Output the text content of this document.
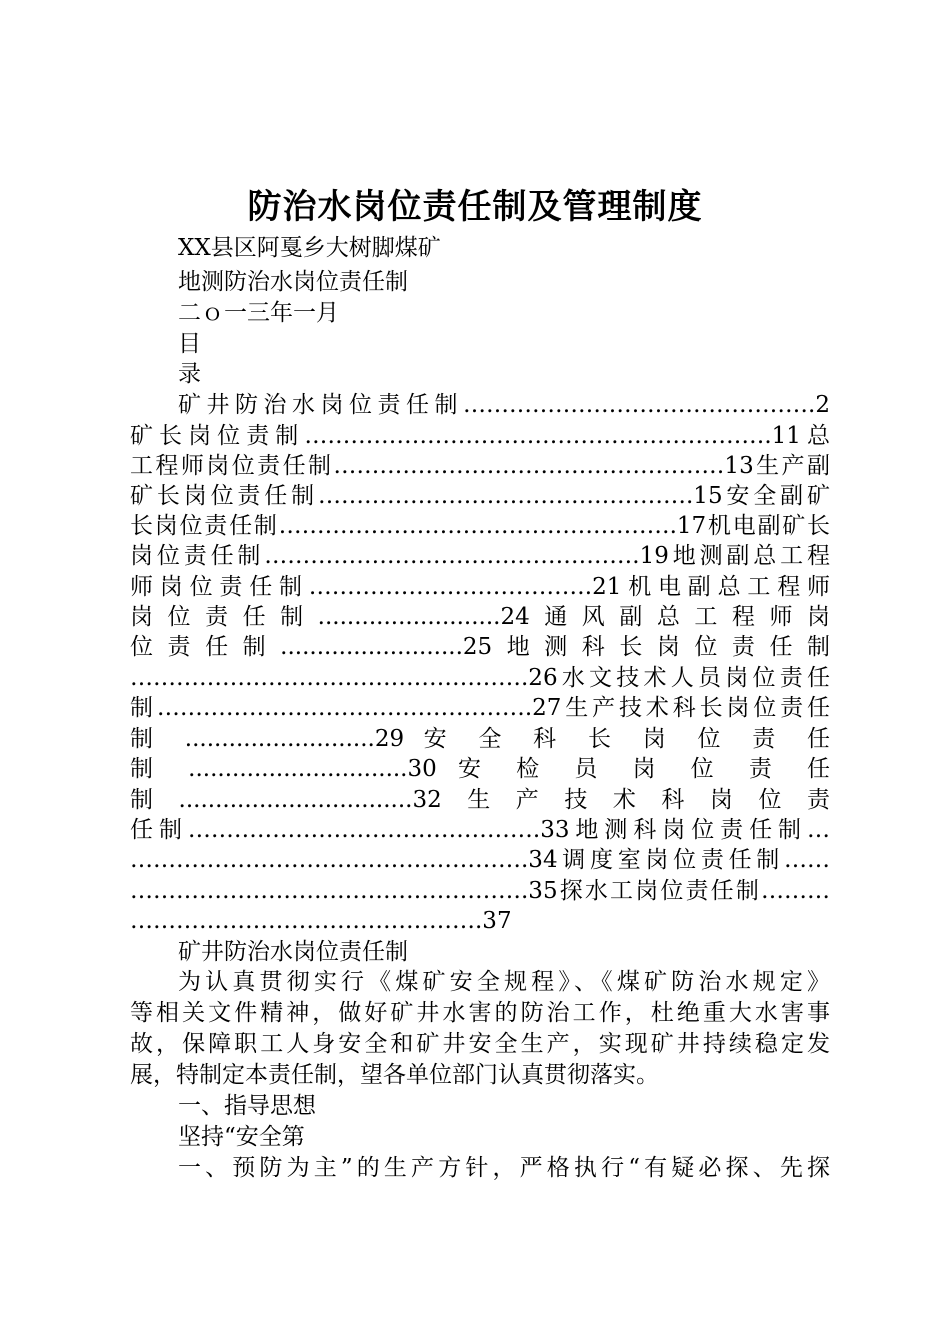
防治水岗位责任制及管理制度
XX县区阿戛乡大树脚煤矿
地测防治水岗位责任制
二ｏ一三年一月
目
录
矿井防治水岗位责任制……………………………………….2
矿长岗位责制…………………………………………………….11总
工程师岗位责任制……………………………………………13生产副
矿长岗位责任制………………………………………….15安全副矿
长岗位责任制…………………………………………….17机电副矿长
岗位责任制………………………………………….19地测副总工程
师岗位责任制……………………………….21机电副总工程师
岗位责任制.........................24通风副总工程师岗
位责任制.........................25地测科长岗位责任制
…………………………………………….26水文技术人员岗位责任
制………………………………………….27生产技术科长岗位责任
制 ..........................29 安 全 科 长 岗 位 责 任
制 ..............................30 安 检 员 岗 位 责 任
制................................32生产技术科岗位责
任制……………………………………….33地测科岗位责任制…
…………………………………………….34调度室岗位责任制……
…………………………………………….35探水工岗位责任制………
……………………………………….37
矿井防治水岗位责任制
为认真贯彻实行《煤矿安全规程》、《煤矿防治水规定》
等相关文件精神，做好矿井水害的防治工作，杜绝重大水害事
故，保障职工人身安全和矿井安全生产，实现矿井持续稳定发
展，特制定本责任制，望各单位部门认真贯彻落实。
一、指导思想
坚持“安全第
一、预防为主”的生产方针，严格执行“有疑必探、先探
